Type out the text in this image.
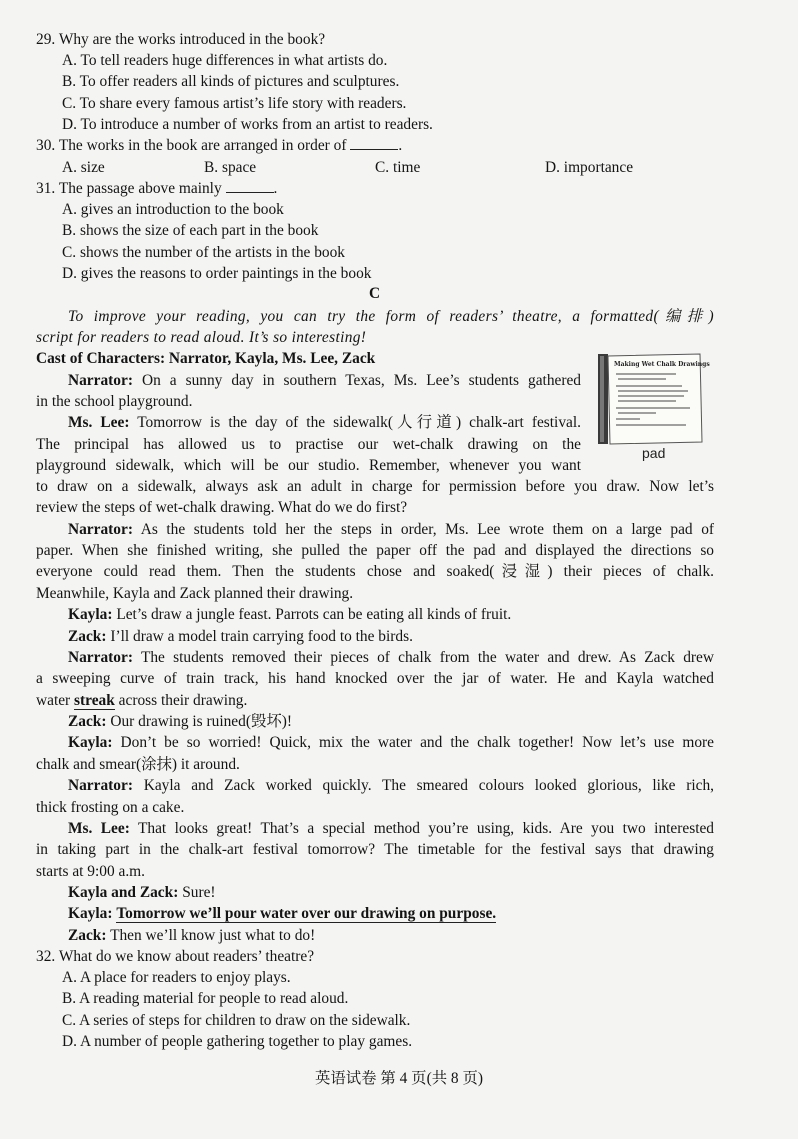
29. Why are the works introduced in the book?
A. To tell readers huge differences in what artists do.
B. To offer readers all kinds of pictures and sculptures.
C. To share every famous artist’s life story with readers.
D. To introduce a number of works from an artist to readers.
30. The works in the book are arranged in order of	.
A. size	B. space	C. time	D. importance
31. The passage above mainly	.
A. gives an introduction to the book
B. shows the size of each part in the book
C. shows the number of the artists in the book
D. gives the reasons to order paintings in the book
C
To improve your reading, you can try the form of readers’ theatre, a formatted(编排)
script for readers to read aloud. It’s so interesting!
Cast of Characters: Narrator, Kayla, Ms. Lee, Zack	Making Wet Chalk Drawings
pad
Narrator: On a sunny day in southern Texas, Ms. Lee’s students gathered
in the school playground.
Ms. Lee: Tomorrow is the day of the sidewalk(人行道) chalk-art festival.
The principal has allowed us to practise our wet-chalk drawing on the
playground sidewalk, which will be our studio. Remember, whenever you want
to draw on a sidewalk, always ask an adult in charge for permission before you draw. Now let’s
review the steps of wet-chalk drawing. What do we do first?
Narrator: As the students told her the steps in order, Ms. Lee wrote them on a large pad of
paper. When she finished writing, she pulled the paper off the pad and displayed the directions so
everyone could read them. Then the students chose and soaked(浸湿) their pieces of chalk.
Meanwhile, Kayla and Zack planned their drawing.
Kayla: Let’s draw a jungle feast. Parrots can be eating all kinds of fruit.
Zack: I’ll draw a model train carrying food to the birds.
Narrator: The students removed their pieces of chalk from the water and drew. As Zack drew
a sweeping curve of train track, his hand knocked over the jar of water. He and Kayla watched
water streak across their drawing.
Zack: Our drawing is ruined(毁坏)!
Kayla: Don’t be so worried! Quick, mix the water and the chalk together! Now let’s use more
chalk and smear(涂抹) it around.
Narrator: Kayla and Zack worked quickly. The smeared colours looked glorious, like rich,
thick frosting on a cake.
Ms. Lee: That looks great! That’s a special method you’re using, kids. Are you two interested
in taking part in the chalk-art festival tomorrow? The timetable for the festival says that drawing
starts at 9:00 a.m.
Kayla and Zack: Sure!
Kayla: Tomorrow we’ll pour water over our drawing on purpose.
Zack: Then we’ll know just what to do!
32. What do we know about readers’ theatre?
A. A place for readers to enjoy plays.
B. A reading material for people to read aloud.
C. A series of steps for children to draw on the sidewalk.
D. A number of people gathering together to play games.
英语试卷 第 4 页(共 8 页)
